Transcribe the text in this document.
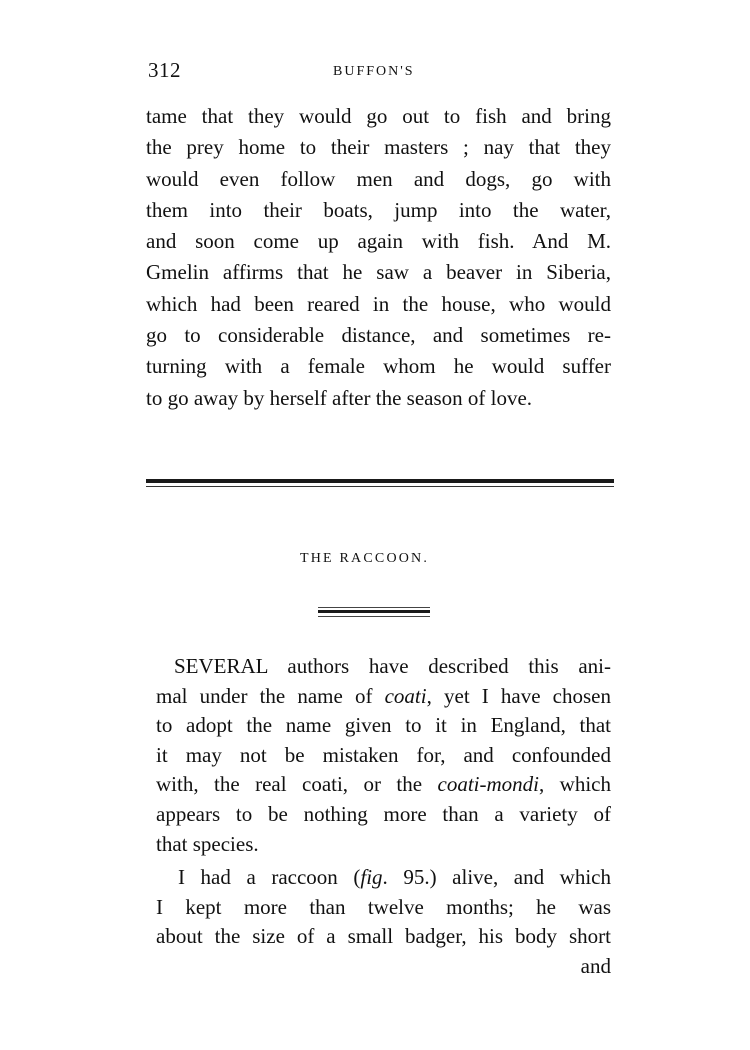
312	BUFFON'S
tame that they would go out to fish and bring
the prey home to their masters ; nay that they
would even follow men and dogs, go with
them into their boats, jump into the water,
and soon come up again with fish. And M.
Gmelin affirms that he saw a beaver in Siberia,
which had been reared in the house, who would
go to considerable distance, and sometimes re-
turning with a female whom he would suffer
to go away by herself after the season of love.
THE RACCOON.
SEVERAL authors have described this ani-
mal under the name of coati, yet I have chosen
to adopt the name given to it in England, that
it may not be mistaken for, and confounded
with, the real coati, or the coati-mondi, which
appears to be nothing more than a variety of
that species.
I had a raccoon (fig. 95.) alive, and which
I kept more than twelve months; he was
about the size of a small badger, his body short
and
